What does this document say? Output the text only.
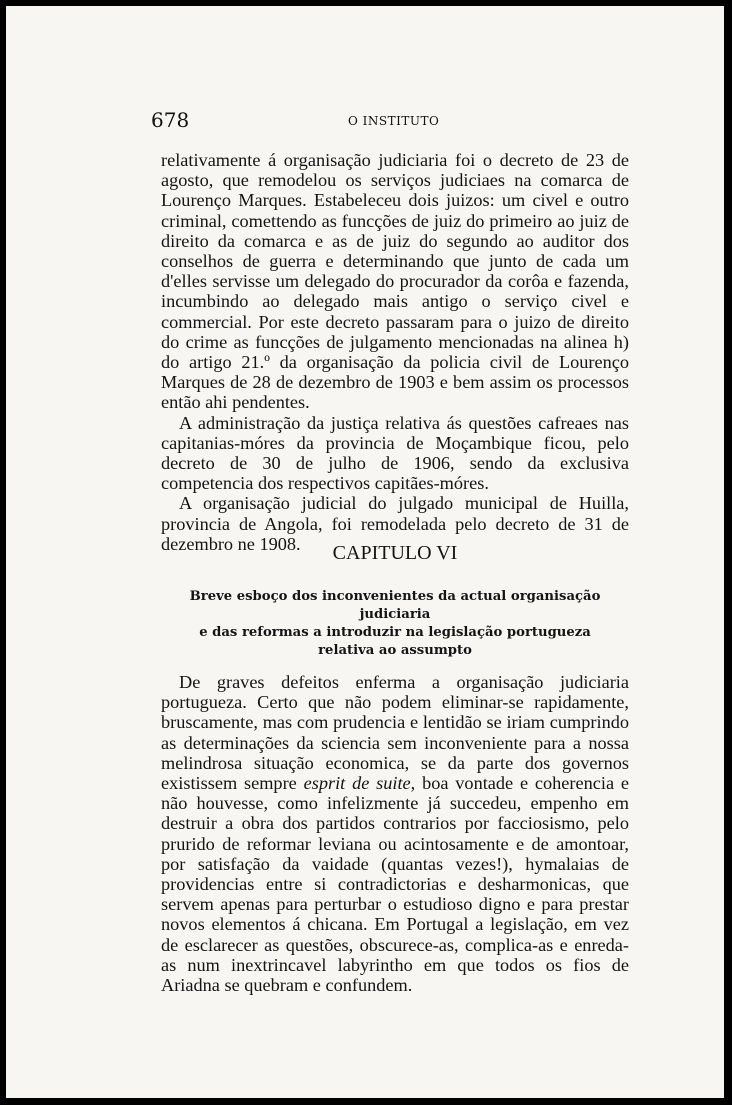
678	O INSTITUTO

relativamente á organisação judiciaria foi o decreto de 23 de agosto, que remodelou os serviços judiciaes na comarca de Lourenço Marques. Estabeleceu dois juizos: um civel e outro criminal, comettendo as funcções de juiz do primeiro ao juiz de direito da comarca e as de juiz do segundo ao auditor dos conselhos de guerra e determinando que junto de cada um d'elles servisse um delegado do procurador da corôa e fazenda, incumbindo ao delegado mais antigo o serviço civel e commercial. Por este decreto passaram para o juizo de direito do crime as funcções de julgamento mencionadas na alinea h) do artigo 21.º da organisação da policia civil de Lourenço Marques de 28 de dezembro de 1903 e bem assim os processos então ahi pendentes.

A administração da justiça relativa ás questões cafreaes nas capitanias-móres da provincia de Moçambique ficou, pelo decreto de 30 de julho de 1906, sendo da exclusiva competencia dos respectivos capitães-móres.

A organisação judicial do julgado municipal de Huilla, provincia de Angola, foi remodelada pelo decreto de 31 de dezembro ne 1908.	CAPITULO VI
Breve esboço dos inconvenientes da actual organisação judiciaria
e das reformas a introduzir na legislação portugueza
relativa ao assumpto

De graves defeitos enferma a organisação judiciaria portugueza. Certo que não podem eliminar-se rapidamente, bruscamente, mas com prudencia e lentidão se iriam cumprindo as determinações da sciencia sem inconveniente para a nossa melindrosa situação economica, se da parte dos governos existissem sempre esprit de suite, boa vontade e coherencia e não houvesse, como infelizmente já succedeu, empenho em destruir a obra dos partidos contrarios por facciosismo, pelo prurido de reformar leviana ou acintosamente e de amontoar, por satisfação da vaidade (quantas vezes!), hymalaias de providencias entre si contradictorias e desharmonicas, que servem apenas para perturbar o estudioso digno e para prestar novos elementos á chicana. Em Portugal a legislação, em vez de esclarecer as questões, obscurece-as, complica-as e enreda-as num inextrincavel labyrintho em que todos os fios de Ariadna se quebram e confundem.
